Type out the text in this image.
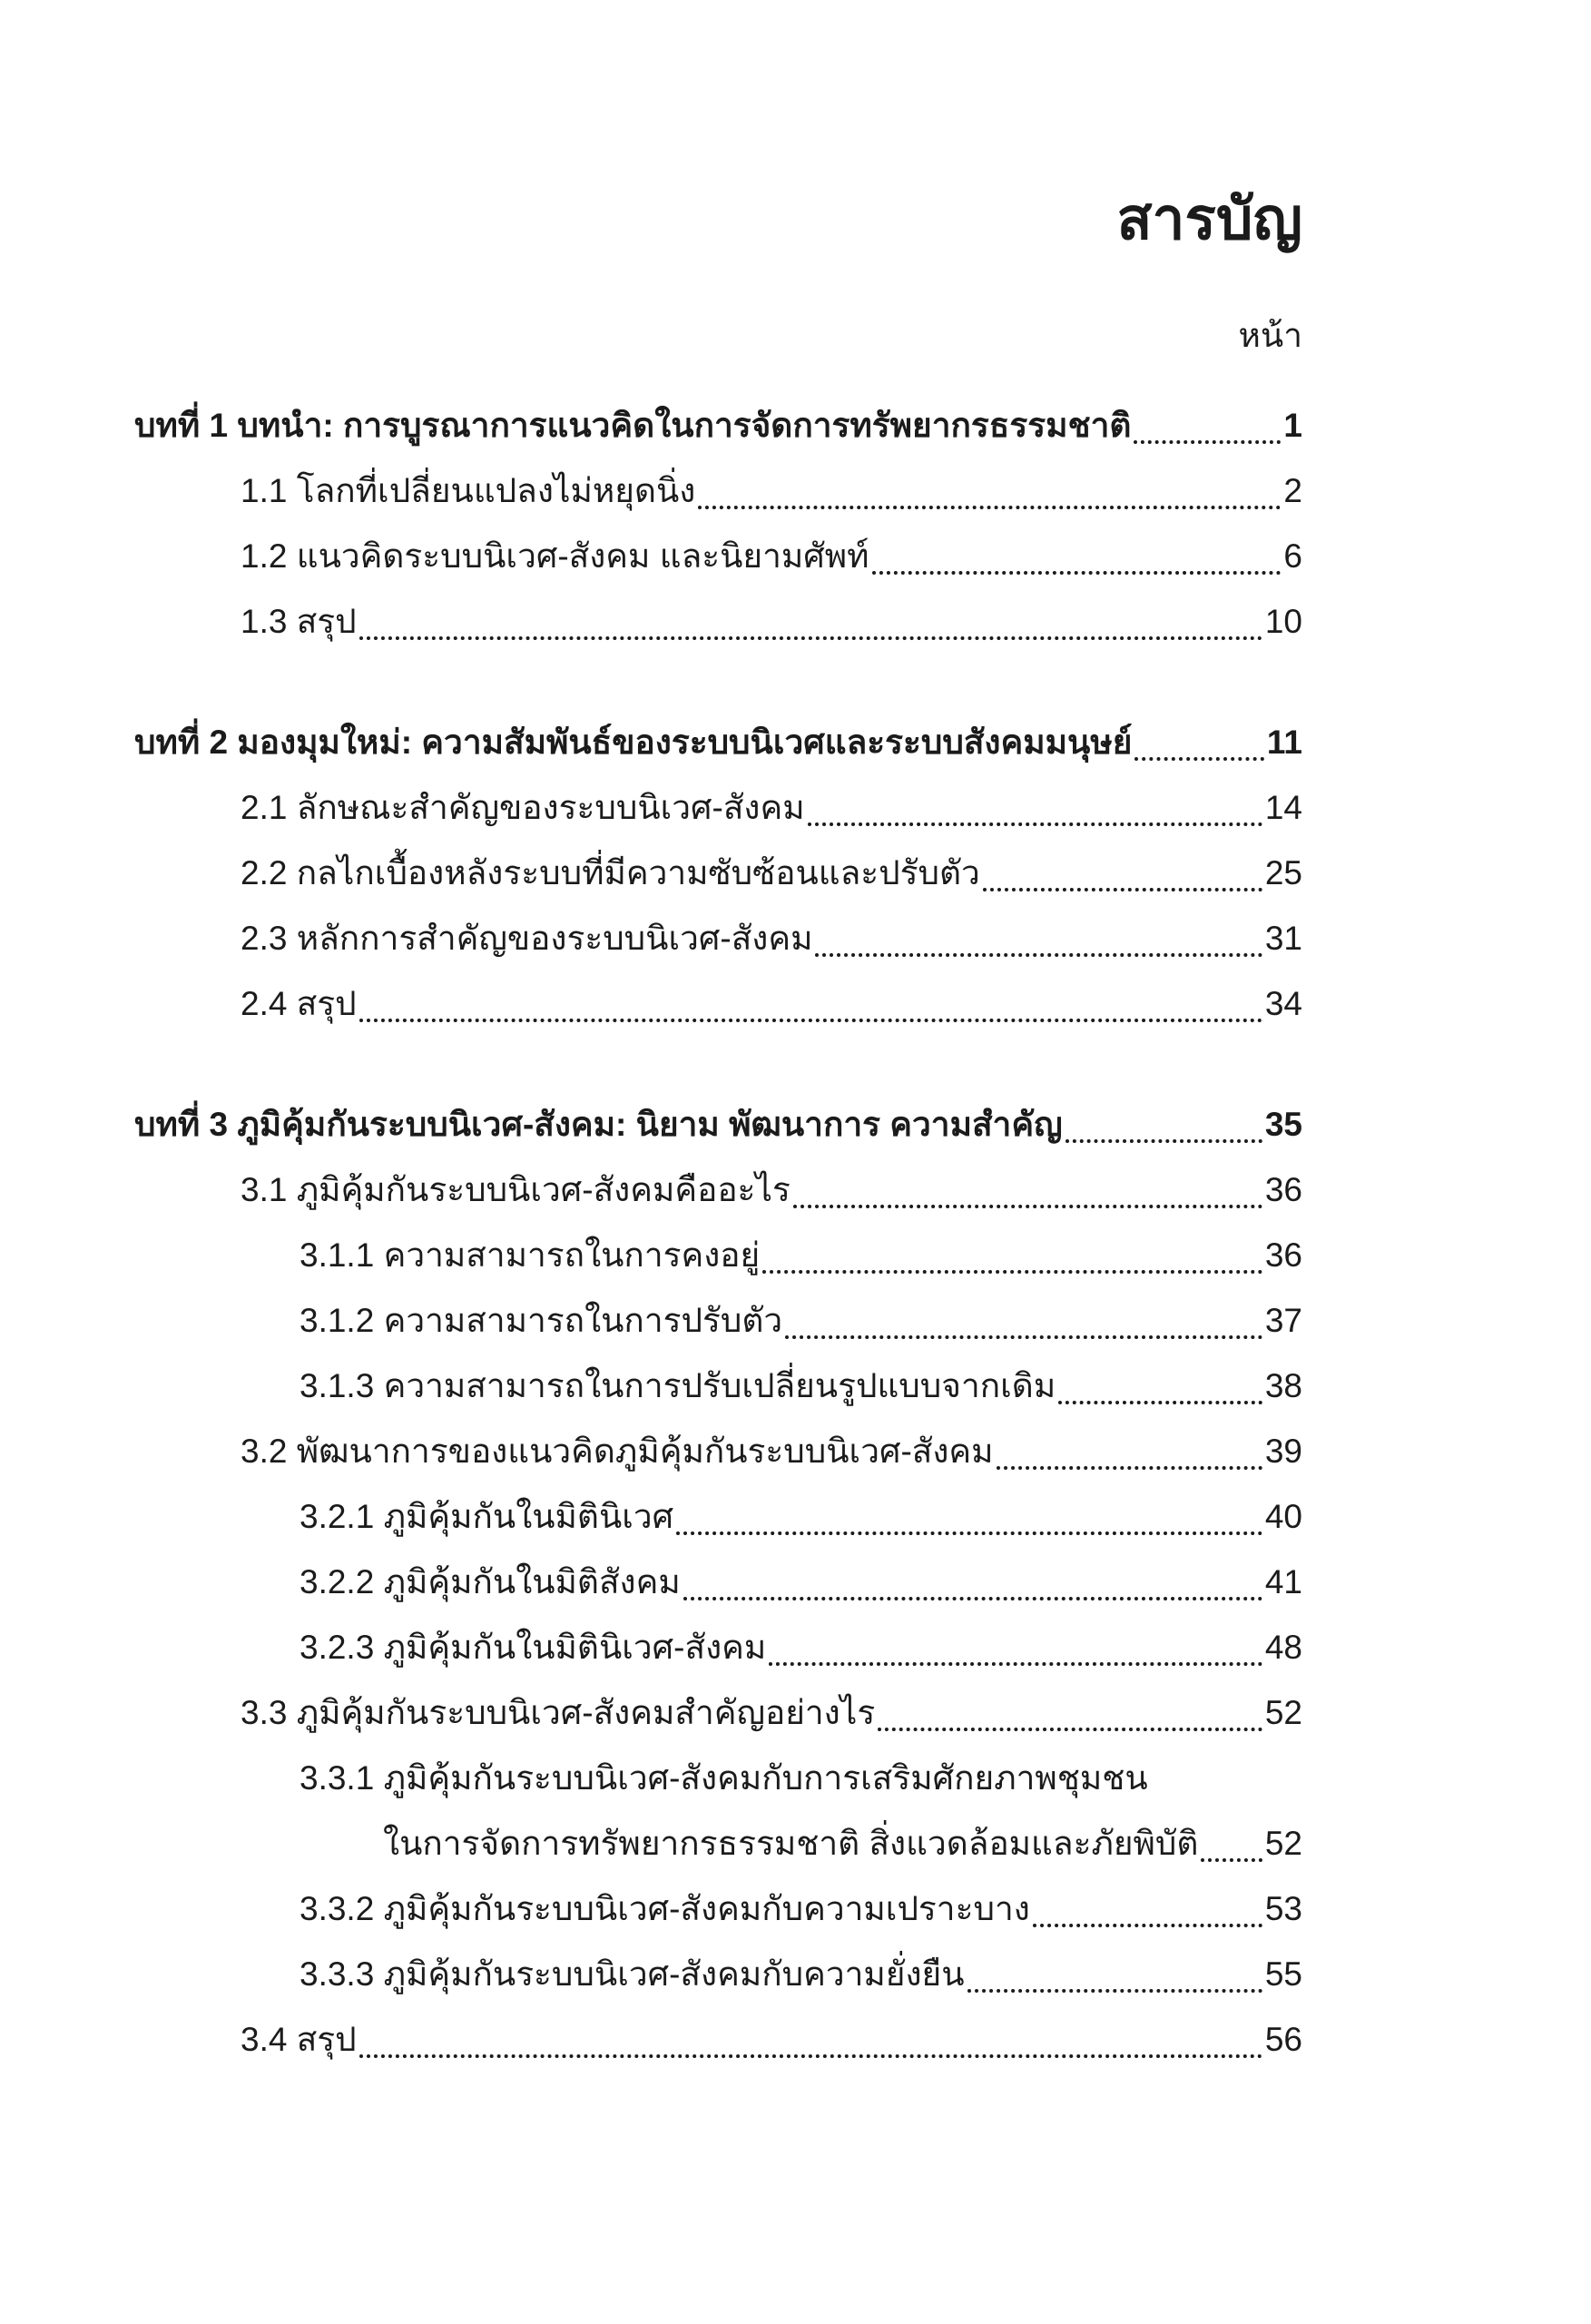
สารบัญ
หน้า
บทที่ 1 บทนำ: การบูรณาการแนวคิดในการจัดการทรัพยากรธรรมชาติ	1
1.1 โลกที่เปลี่ยนแปลงไม่หยุดนิ่ง	2
1.2 แนวคิดระบบนิเวศ-สังคม และนิยามศัพท์	6
1.3 สรุป	10
บทที่ 2 มองมุมใหม่: ความสัมพันธ์ของระบบนิเวศและระบบสังคมมนุษย์	11
2.1 ลักษณะสำคัญของระบบนิเวศ-สังคม	14
2.2 กลไกเบื้องหลังระบบที่มีความซับซ้อนและปรับตัว	25
2.3 หลักการสำคัญของระบบนิเวศ-สังคม	31
2.4 สรุป	34
บทที่ 3 ภูมิคุ้มกันระบบนิเวศ-สังคม: นิยาม พัฒนาการ ความสำคัญ	35
3.1 ภูมิคุ้มกันระบบนิเวศ-สังคมคืออะไร	36
3.1.1 ความสามารถในการคงอยู่	36
3.1.2 ความสามารถในการปรับตัว	37
3.1.3 ความสามารถในการปรับเปลี่ยนรูปแบบจากเดิม	38
3.2 พัฒนาการของแนวคิดภูมิคุ้มกันระบบนิเวศ-สังคม	39
3.2.1 ภูมิคุ้มกันในมิตินิเวศ	40
3.2.2 ภูมิคุ้มกันในมิติสังคม	41
3.2.3 ภูมิคุ้มกันในมิตินิเวศ-สังคม	48
3.3 ภูมิคุ้มกันระบบนิเวศ-สังคมสำคัญอย่างไร	52
3.3.1 ภูมิคุ้มกันระบบนิเวศ-สังคมกับการเสริมศักยภาพชุมชน
ในการจัดการทรัพยากรธรรมชาติ สิ่งแวดล้อมและภัยพิบัติ 52
3.3.2 ภูมิคุ้มกันระบบนิเวศ-สังคมกับความเปราะบาง	53
3.3.3 ภูมิคุ้มกันระบบนิเวศ-สังคมกับความยั่งยืน	55
3.4 สรุป	56
